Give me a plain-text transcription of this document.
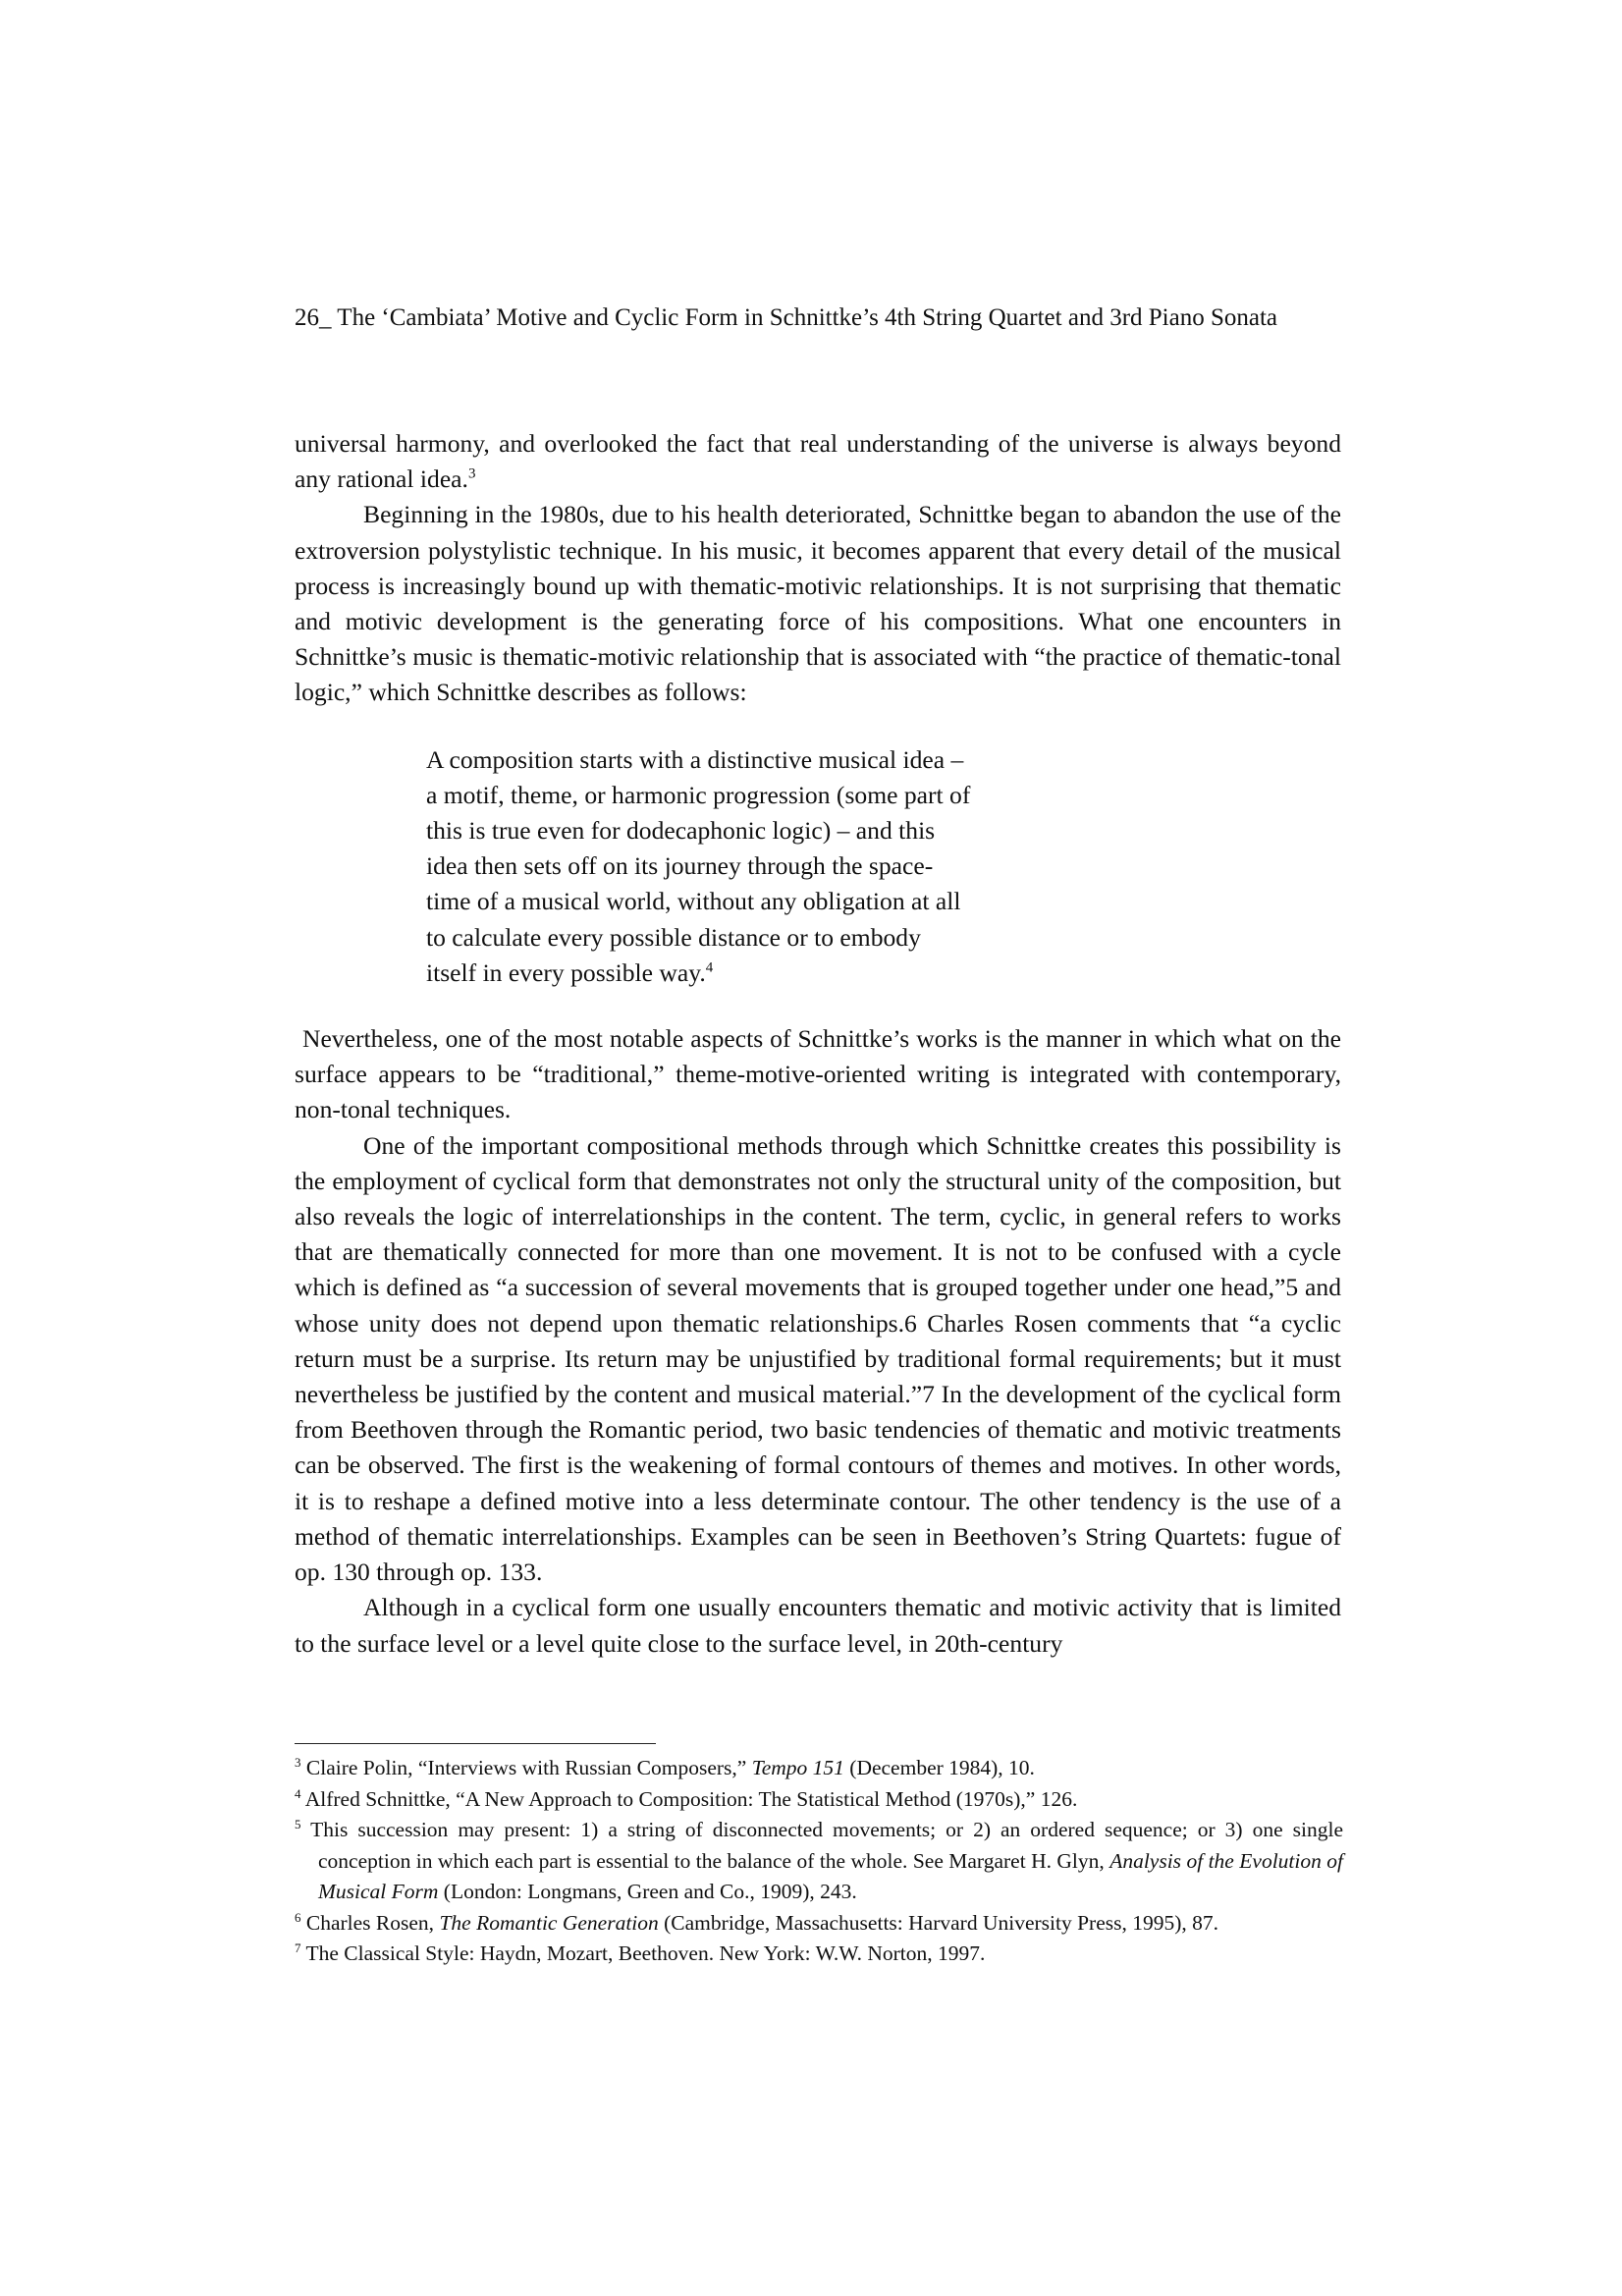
26_ The ‘Cambiata’ Motive and Cyclic Form in Schnittke’s 4th String Quartet and 3rd Piano Sonata

universal harmony, and overlooked the fact that real understanding of the universe is always beyond any rational idea.$^3$

Beginning in the 1980s, due to his health deteriorated, Schnittke began to abandon the use of the extroversion polystylistic technique. In his music, it becomes apparent that every detail of the musical process is increasingly bound up with thematic-motivic relationships. It is not surprising that thematic and motivic development is the generating force of his compositions. What one encounters in Schnittke’s music is thematic-motivic relationship that is associated with “the practice of thematic-tonal logic,” which Schnittke describes as follows:

A composition starts with a distinctive musical idea –
a motif, theme, or harmonic progression (some part of
this is true even for dodecaphonic logic) – and this
idea then sets off on its journey through the space-
time of a musical world, without any obligation at all
to calculate every possible distance or to embody
itself in every possible way.$^4$

Nevertheless, one of the most notable aspects of Schnittke’s works is the manner in which what on the surface appears to be “traditional,” theme-motive-oriented writing is integrated with contemporary, non-tonal techniques.

One of the important compositional methods through which Schnittke creates this possibility is the employment of cyclical form that demonstrates not only the structural unity of the composition, but also reveals the logic of interrelationships in the content. The term, cyclic, in general refers to works that are thematically connected for more than one movement. It is not to be confused with a cycle which is defined as “a succession of several movements that is grouped together under one head,”5 and whose unity does not depend upon thematic relationships.6 Charles Rosen comments that “a cyclic return must be a surprise. Its return may be unjustified by traditional formal requirements; but it must nevertheless be justified by the content and musical material.”7 In the development of the cyclical form from Beethoven through the Romantic period, two basic tendencies of thematic and motivic treatments can be observed. The first is the weakening of formal contours of themes and motives. In other words, it is to reshape a defined motive into a less determinate contour. The other tendency is the use of a method of thematic interrelationships. Examples can be seen in Beethoven’s String Quartets: fugue of op. 130 through op. 133.

Although in a cyclical form one usually encounters thematic and motivic activity that is limited to the surface level or a level quite close to the surface level, in 20th-century

$^3$ Claire Polin, “Interviews with Russian Composers,” Tempo 151 (December 1984), 10.

$^4$ Alfred Schnittke, “A New Approach to Composition: The Statistical Method (1970s),” 126.

$^5$ This succession may present: 1) a string of disconnected movements; or 2) an ordered sequence; or 3) one single conception in which each part is essential to the balance of the whole. See Margaret H. Glyn, Analysis of the Evolution of Musical Form (London: Longmans, Green and Co., 1909), 243.

$^6$ Charles Rosen, The Romantic Generation (Cambridge, Massachusetts: Harvard University Press, 1995), 87.

$^7$ The Classical Style: Haydn, Mozart, Beethoven. New York: W.W. Norton, 1997.
